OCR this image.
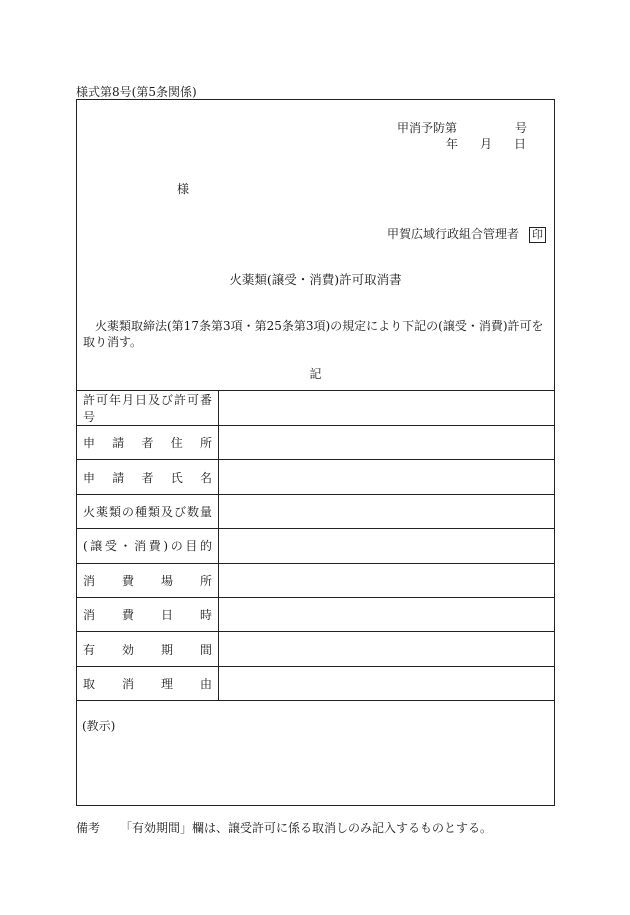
様式第8号(第5条関係)
甲消予防第	号
年 月 日
様
甲賀広域行政組合管理者 印
火薬類(譲受・消費)許可取消書
火薬類取締法(第17条第3項・第25条第3項)の規定により下記の(譲受・消費)許可を取り消す。
記
許可年月日及び許可番号	

申請者住所	

申請者氏名	

火薬類の種類及び数量	

(譲受・消費)の目的	

消費場所	

消費日時	

有効期間	

取消理由	

(教示)
備考 「有効期間」欄は、譲受許可に係る取消しのみ記入するものとする。
